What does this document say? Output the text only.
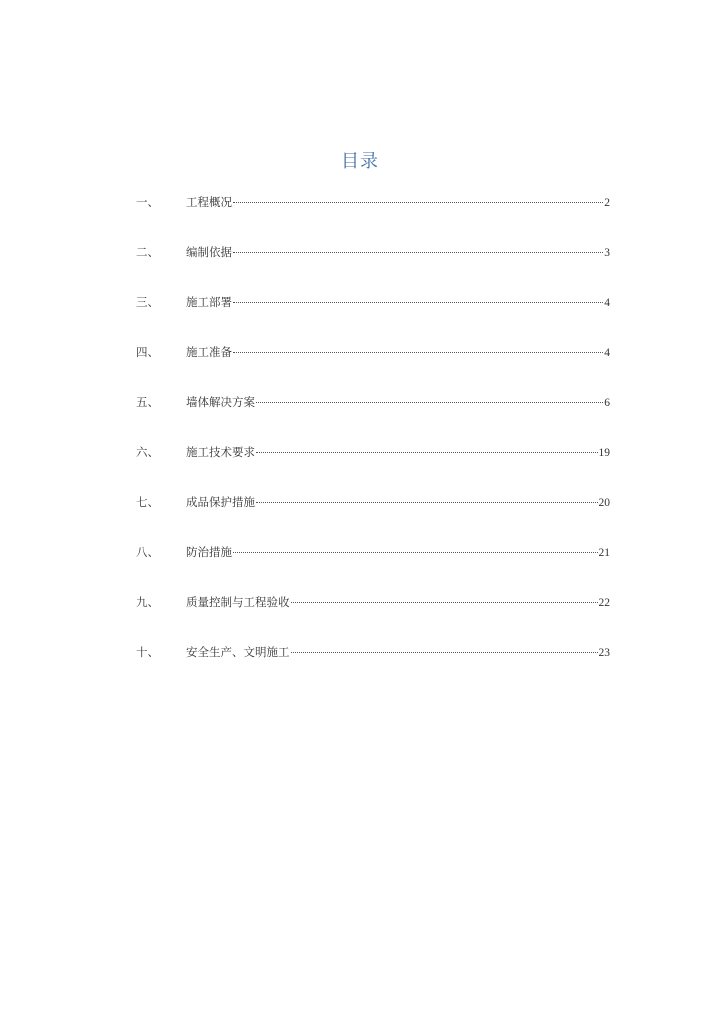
目录
一、	工程概况	2
二、	编制依据	3
三、	施工部署	4
四、	施工准备	4
五、	墙体解决方案	6
六、	施工技术要求	19
七、	成品保护措施	20
八、	防治措施	21
九、	质量控制与工程验收	22
十、	安全生产、文明施工	23
